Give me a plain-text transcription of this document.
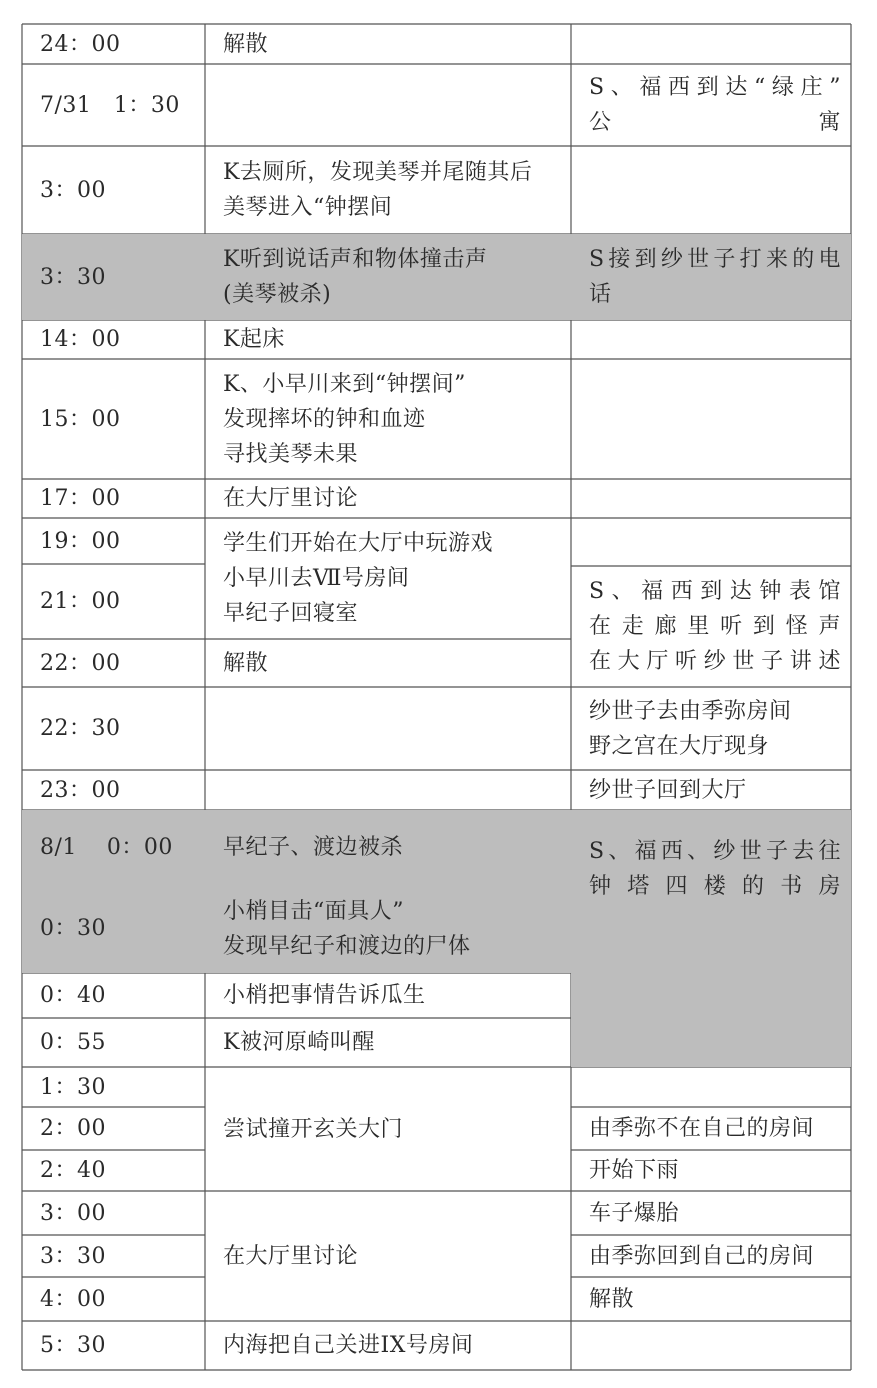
24：00
7/31　1：30
3：00
3：30
14：00
15：00
17：00
19：00
21：00
22：00
22：30
23：00
8/1　 0：00
0：30
0：40
0：55
1：30
2：00
2：40
3：00
3：30
4：00
5：30
解散
K去厕所，发现美琴并尾随其后
美琴进入“钟摆间
K听到说话声和物体撞击声
(美琴被杀)
K起床
K、小早川来到“钟摆间”
发现摔坏的钟和血迹
寻找美琴未果
在大厅里讨论
解散
早纪子、渡边被杀
小梢目击“面具人”
发现早纪子和渡边的尸体
小梢把事情告诉瓜生
K被河原崎叫醒
内海把自己关进IX号房间
学生们开始在大厅中玩游戏
小早川去Ⅶ号房间
早纪子回寝室
尝试撞开玄关大门
在大厅里讨论
S、福西到达“绿庄”
公寓
S接到纱世子打来的电
话
纱世子去由季弥房间
野之宫在大厅现身
纱世子回到大厅
由季弥不在自己的房间
开始下雨
车子爆胎
由季弥回到自己的房间
解散
S、福西到达钟表馆
在走廊里听到怪声
在大厅听纱世子讲述
S、福西、纱世子去往
钟塔四楼的书房
